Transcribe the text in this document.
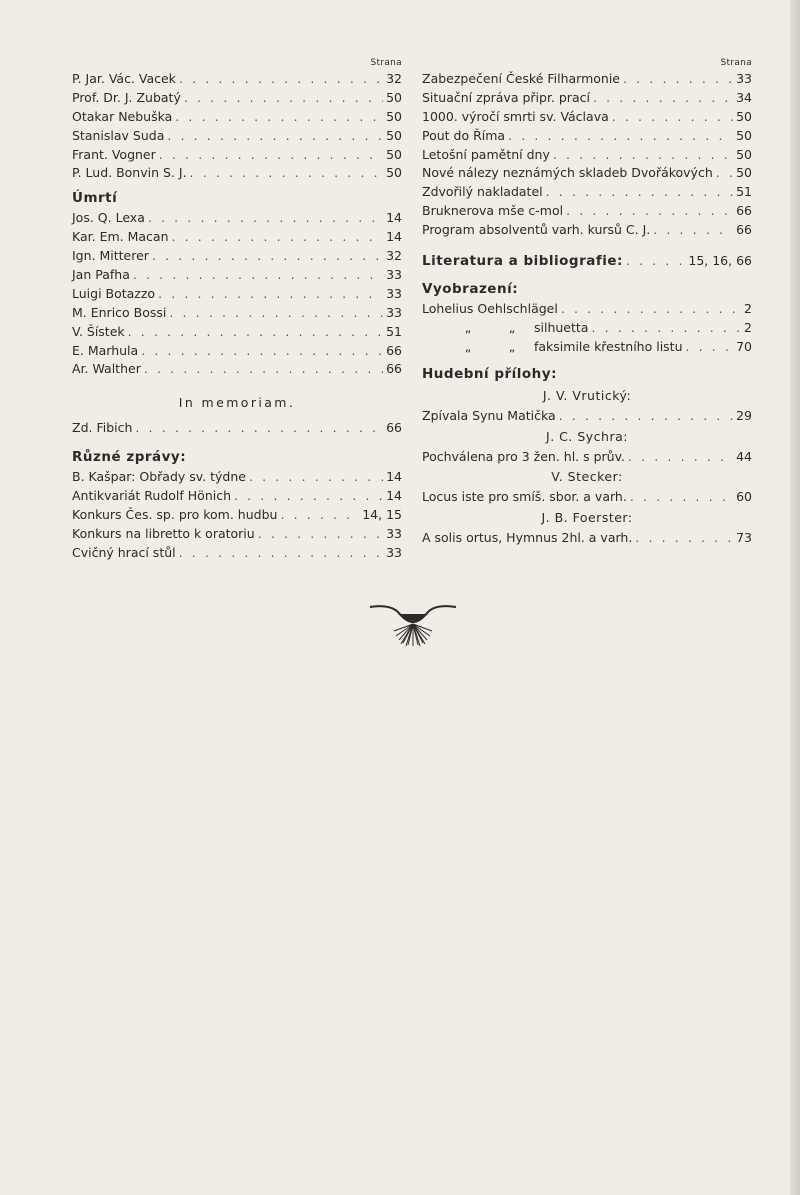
Strana
P. Jar. Vác. Vacek . . .	32
Prof. Dr. J. Zubatý . . .	50
Otakar Nebuška . . .	50
Stanislav Suda . . .	50
Frant. Vogner . . .	50
P. Lud. Bonvin S. J. . . .	50
Úmrtí
Jos. Q. Lexa . . .	14
Kar. Em. Macan . . .	14
Ign. Mitterer . . .	32
Jan Pafha . . .	33
Luigi Botazzo . . .	33
M. Enrico Bossi . . .	33
V. Šístek . . .	51
E. Marhula . . .	66
Ar. Walther . . .	66
In memoriam.
Zd. Fibich . . .	66
Různé zprávy:
B. Kašpar: Obřady sv. týdne . . .	14
Antikvariát Rudolf Hönich . . .	14
Konkurs Čes. sp. pro kom. hudbu . . .	14, 15
Konkurs na libretto k oratoriu . . .	33
Cvičný hrací stůl . . .	33
Strana
Zabezpečení České Filharmonie . . .	33
Situační zpráva připr. prací . . .	34
1000. výročí smrti sv. Václava . . .	50
Pout do Říma . . .	50
Letošní pamětní dny . . .	50
Nové nálezy neznámých skladeb Dvořákových . . . 50
Zdvořilý nakladatel . . .	51
Bruknerova mše c-mol . . .	66
Program absolventů varh. kursů C. J. . . .	66
Literatura a bibliografie: . . .	15, 16, 66
Vyobrazení:
Lohelius Oehlschlägel . . .	2
„	„ silhuetta . . .	2
„	„ faksimile křestního listu . . .	70
Hudební přílohy:
J. V. Vrutický:
Zpívala Synu Matička . . .	29
J. C. Sychra:
Pochválena pro 3 žen. hl. s prův. . . .	44
V. Stecker:
Locus iste pro smíš. sbor. a varh. . . .	60
J. B. Foerster:
A solis ortus, Hymnus 2hl. a varh. . . .	73
